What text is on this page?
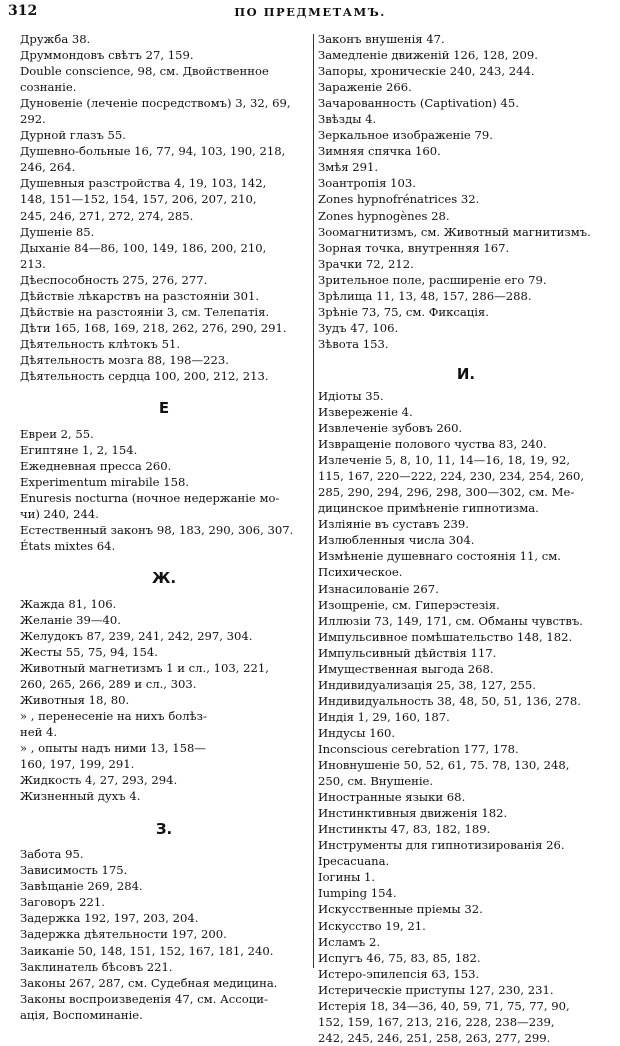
312	ПО ПРЕДМЕТАМЪ.
Дружба 38.
Друммондовъ свѣтъ 27, 159.
Double conscience, 98, см. Двойственное
сознаніе.
Дуновеніе (леченіе посредствомъ) 3, 32, 69,
292.
Дурной глазъ 55.
Душевно-больные 16, 77, 94, 103, 190, 218,
246, 264.
Душевныя разстройства 4, 19, 103, 142,
148, 151—152, 154, 157, 206, 207, 210,
245, 246, 271, 272, 274, 285.
Душеніе 85.
Дыханіе 84—86, 100, 149, 186, 200, 210,
213.
Дѣеспособность 275, 276, 277.
Дѣйствіе лѣкарствъ на разстояніи 301.
Дѣйствіе на разстояніи 3, см. Телепатія.
Дѣти 165, 168, 169, 218, 262, 276, 290, 291.
Дѣятельность клѣтокъ 51.
Дѣятельность мозга 88, 198—223.
Дѣятельность сердца 100, 200, 212, 213.
Е
Евреи 2, 55.
Египтяне 1, 2, 154.
Ежедневная пресса 260.
Experimentum mirabile 158.
Enuresis nocturna (ночное недержаніе мо-
чи) 240, 244.
Естественный законъ 98, 183, 290, 306, 307.
États mixtes 64.
Ж.
Жажда 81, 106.
Желаніе 39—40.
Желудокъ 87, 239, 241, 242, 297, 304.
Жесты 55, 75, 94, 154.
Животный магнетизмъ 1 и сл., 103, 221,
260, 265, 266, 289 и сл., 303.
Животныя 18, 80.
» , перенесеніе на нихъ болѣз-
ней 4.
» , опыты надъ ними 13, 158—
160, 197, 199, 291.
Жидкость 4, 27, 293, 294.
Жизненный духъ 4.
З.
Забота 95.
Зависимость 175.
Завѣщаніе 269, 284.
Заговоръ 221.
Задержка 192, 197, 203, 204.
Задержка дѣятельности 197, 200.
Заиканіе 50, 148, 151, 152, 167, 181, 240.
Заклинатель бѣсовъ 221.
Законы 267, 287, см. Судебная медицина.
Законы воспроизведенія 47, см. Ассоци-
ація, Воспоминаніе.
Законъ внушенія 47.
Замедленіе движеній 126, 128, 209.
Запоры, хроническіе 240, 243, 244.
Зараженіе 266.
Зачарованность (Captivation) 45.
Звѣзды 4.
Зеркальное изображеніе 79.
Зимняя спячка 160.
Змѣя 291.
Зоантропія 103.
Zones hypnofrénatrices 32.
Zones hypnogènes 28.
Зоомагнитизмъ, см. Животный магнитизмъ.
Зорная точка, внутренняя 167.
Зрачки 72, 212.
Зрительное поле, расширеніе его 79.
Зрѣлища 11, 13, 48, 157, 286—288.
Зрѣніе 73, 75, см. Фиксація.
Зудъ 47, 106.
Зѣвота 153.
И.
Идіоты 35.
Извереженіе 4.
Извлеченіе зубовъ 260.
Извращеніе полового чуства 83, 240.
Излеченіе 5, 8, 10, 11, 14—16, 18, 19, 92,
115, 167, 220—222, 224, 230, 234, 254, 260,
285, 290, 294, 296, 298, 300—302, см. Ме-
дицинское примѣненіе гипнотизма.
Изліяніе въ суставъ 239.
Излюбленныя числа 304.
Измѣненіе душевнаго состоянія 11, см.
Психическое.
Изнасилованіе 267.
Изощреніе, см. Гиперэстезія.
Иллюзіи 73, 149, 171, см. Обманы чувствъ.
Импульсивное помѣшательство 148, 182.
Импульсивный дѣйствія 117.
Имущественная выгода 268.
Индивидуализація 25, 38, 127, 255.
Индивидуальность 38, 48, 50, 51, 136, 278.
Индія 1, 29, 160, 187.
Индусы 160.
Inconscious cerebration 177, 178.
Иновнушеніе 50, 52, 61, 75. 78, 130, 248,
250, см. Внушеніе.
Иностранные языки 68.
Инстинктивныя движенія 182.
Инстинкты 47, 83, 182, 189.
Инструменты для гипнотизированія 26.
Ipecacuana.
Іогины 1.
Iumping 154.
Искусственные пріемы 32.
Искусство 19, 21.
Исламъ 2.
Испугъ 46, 75, 83, 85, 182.
Истеро-эпилепсія 63, 153.
Истерическіе приступы 127, 230, 231.
Истерія 18, 34—36, 40, 59, 71, 75, 77, 90,
152, 159, 167, 213, 216, 228, 238—239,
242, 245, 246, 251, 258, 263, 277, 299.
